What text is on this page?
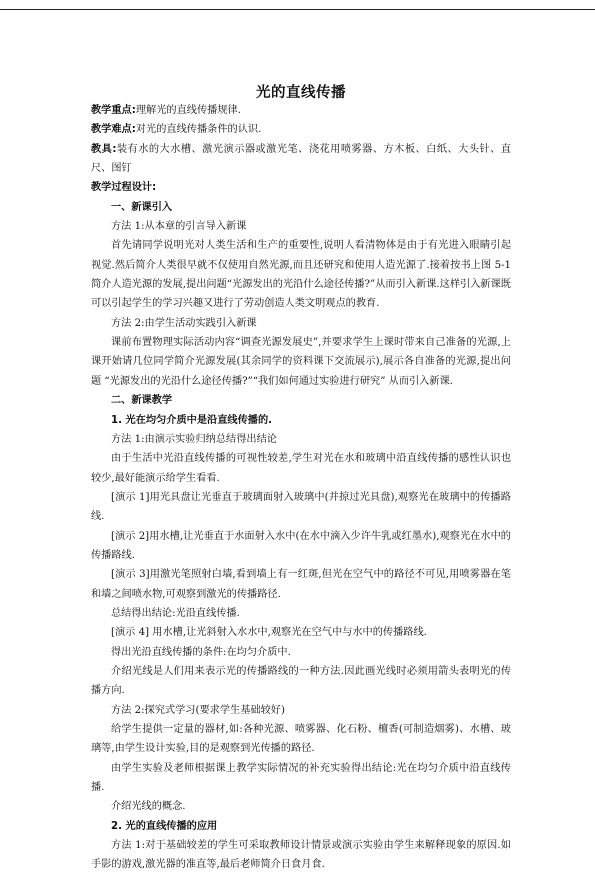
光的直线传播

教学重点:理解光的直线传播规律.

教学难点:对光的直线传播条件的认识.

教具:装有水的大水槽、激光演示器或激光笔、浇花用喷雾器、方木板、白纸、大头针、直尺、图钉

教学过程设计:

一、新课引入

方法 1:从本章的引言导入新课

首先请同学说明光对人类生活和生产的重要性,说明人看清物体是由于有光进入眼睛引起视觉.然后简介人类很早就不仅使用自然光源,而且还研究和使用人造光源了.接着按书上图 5-1 简介人造光源的发展,提出问题“光源发出的光沿什么途径传播?”从而引入新课.这样引入新课既可以引起学生的学习兴趣又进行了劳动创造人类文明观点的教育.

方法 2:由学生活动实践引入新课

课前布置物理实际活动内容“调查光源发展史”,并要求学生上课时带来自己准备的光源,上课开始请几位同学简介光源发展(其余同学的资料课下交流展示),展示各自准备的光源,提出问题 “光源发出的光沿什么途径传播?”“我们如何通过实验进行研究” 从而引入新课.

二、新课教学

1. 光在均匀介质中是沿直线传播的.

方法 1:由演示实验归纳总结得出结论

由于生活中光沿直线传播的可视性较差,学生对光在水和玻璃中沿直线传播的感性认识也较少,最好能演示给学生看看.

[演示 1]用光具盘让光垂直于玻璃面射入玻璃中(并掠过光具盘),观察光在玻璃中的传播路线.

[演示 2]用水槽,让光垂直于水面射入水中(在水中滴入少许牛乳或红墨水),观察光在水中的传播路线.

[演示 3]用激光笔照射白墙,看到墙上有一红斑,但光在空气中的路径不可见,用喷雾器在笔和墙之间喷水物,可观察到激光的传播路径.

总结得出结论:光沿直线传播.

[演示 4] 用水槽,让光斜射入水水中,观察光在空气中与水中的传播路线.

得出光沿直线传播的条件:在均匀介质中.

介绍光线是人们用来表示光的传播路线的一种方法.因此画光线时必须用箭头表明光的传播方向.

方法 2:探究式学习(要求学生基础较好)

给学生提供一定量的器材,如:各种光源、喷雾器、化石粉、檀香(可制造烟雾)、水槽、玻璃等,由学生设计实验,目的是观察到光传播的路径.

由学生实验及老师根据课上教学实际情况的补充实验得出结论:光在均匀介质中沿直线传播.

介绍光线的概念.

2. 光的直线传播的应用

方法 1:对于基础较差的学生可采取教师设计情景或演示实验由学生来解释现象的原因.如手影的游戏,激光器的准直等,最后老师简介日食月食.
